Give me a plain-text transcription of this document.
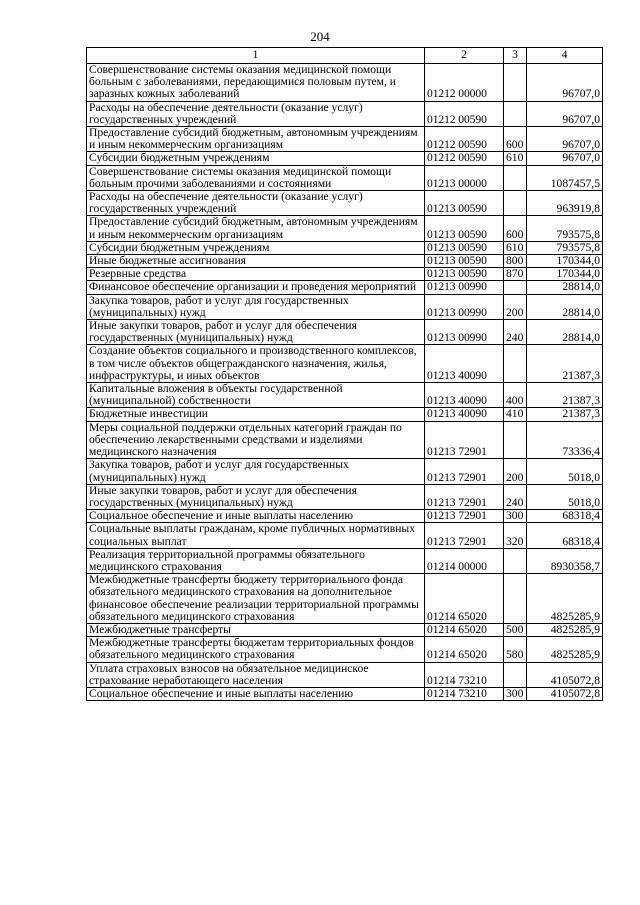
204
1	2	3	4
Совершенствование системы оказания медицинской помощи больным с заболеваниями, передающимися половым путем, и заразных кожных заболеваний	01212 00000		96707,0
Расходы на обеспечение деятельности (оказание услуг) государственных учреждений	01212 00590		96707,0
Предоставление субсидий бюджетным, автономным учреждениям и иным некоммерческим организациям	01212 00590	600	96707,0
Субсидии бюджетным учреждениям	01212 00590	610	96707,0
Совершенствование системы оказания медицинской помощи больным прочими заболеваниями и состояниями	01213 00000		1087457,5
Расходы на обеспечение деятельности (оказание услуг) государственных учреждений	01213 00590		963919,8
Предоставление субсидий бюджетным, автономным учреждениям и иным некоммерческим организациям	01213 00590	600	793575,8
Субсидии бюджетным учреждениям	01213 00590	610	793575,8
Иные бюджетные ассигнования	01213 00590	800	170344,0
Резервные средства	01213 00590	870	170344,0
Финансовое обеспечение организации и проведения мероприятий	01213 00990		28814,0
Закупка товаров, работ и услуг для государственных (муниципальных) нужд	01213 00990	200	28814,0
Иные закупки товаров, работ и услуг для обеспечения государственных (муниципальных) нужд	01213 00990	240	28814,0
Создание объектов социального и производственного комплексов, в том числе объектов общегражданского назначения, жилья, инфраструктуры, и иных объектов	01213 40090		21387,3
Капитальные вложения в объекты государственной (муниципальной) собственности	01213 40090	400	21387,3
Бюджетные инвестиции	01213 40090	410	21387,3
Меры социальной поддержки отдельных категорий граждан по обеспечению лекарственными средствами и изделиями медицинского назначения	01213 72901		73336,4
Закупка товаров, работ и услуг для государственных (муниципальных) нужд	01213 72901	200	5018,0
Иные закупки товаров, работ и услуг для обеспечения государственных (муниципальных) нужд	01213 72901	240	5018,0
Социальное обеспечение и иные выплаты населению	01213 72901	300	68318,4
Социальные выплаты гражданам, кроме публичных нормативных социальных выплат	01213 72901	320	68318,4
Реализация территориальной программы обязательного медицинского страхования	01214 00000		8930358,7
Межбюджетные трансферты бюджету территориального фонда обязательного медицинского страхования на дополнительное финансовое обеспечение реализации территориальной программы обязательного медицинского страхования	01214 65020		4825285,9
Межбюджетные трансферты	01214 65020	500	4825285,9
Межбюджетные трансферты бюджетам территориальных фондов обязательного медицинского страхования	01214 65020	580	4825285,9
Уплата страховых взносов на обязательное медицинское страхование неработающего населения	01214 73210		4105072,8
Социальное обеспечение и иные выплаты населению	01214 73210	300	4105072,8
